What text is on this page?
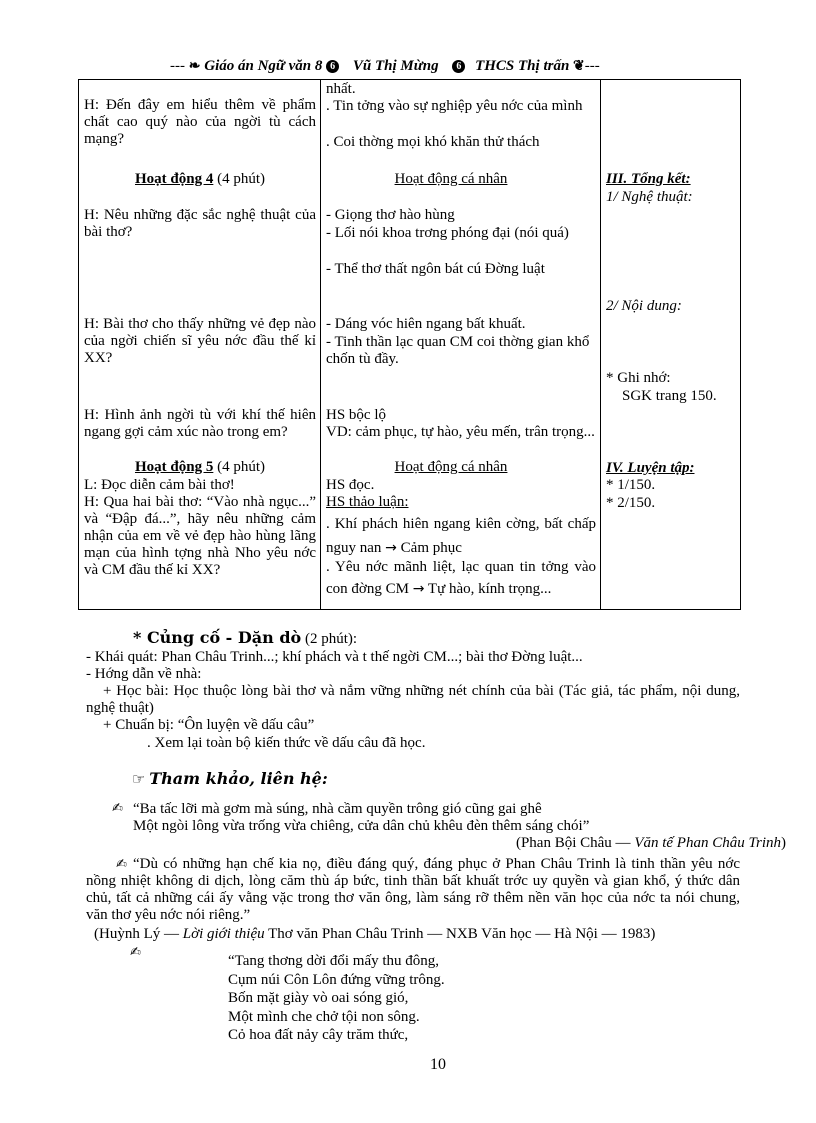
--- ❧ Giáo án Ngữ văn 8 6 Vũ Thị Mừng 6 THCS Thị trấn ❦---
H: Đến đây em hiểu thêm về phẩm chất cao quý nào của ngời tù cách mạng?
Hoạt động 4 (4 phút)
H: Nêu những đặc sắc nghệ thuật của bài thơ?
H: Bài thơ cho thấy những vẻ đẹp nào của ngời chiến sĩ yêu nớc đầu thế kỉ XX?
H: Hình ảnh ngời tù với khí thế hiên ngang gợi cảm xúc nào trong em?
Hoạt động 5 (4 phút)
L: Đọc diễn cảm bài thơ!
H: Qua hai bài thơ: “Vào nhà ngục...” và “Đập đá...”, hãy nêu những cảm nhận của em về vẻ đẹp hào hùng lãng mạn của hình tợng nhà Nho yêu nớc và CM đầu thế kỉ XX?
nhất.
. Tin tởng vào sự nghiệp yêu nớc của mình
. Coi thờng mọi khó khăn thử thách
Hoạt động cá nhân
- Giọng thơ hào hùng
- Lối nói khoa trơng phóng đại (nói quá)
- Thể thơ thất ngôn bát cú Đờng luật
- Dáng vóc hiên ngang bất khuất.
- Tinh thần lạc quan CM coi thờng gian khổ chốn tù đầy.
HS bộc lộ
VD: cảm phục, tự hào, yêu mến, trân trọng...
Hoạt động cá nhân
HS đọc.
HS thảo luận:
. Khí phách hiên ngang kiên cờng, bất chấp nguy nan → Cảm phục
. Yêu nớc mãnh liệt, lạc quan tin tởng vào con đờng CM → Tự hào, kính trọng...
III. Tổng kết:
1/ Nghệ thuật:
2/ Nội dung:
* Ghi nhớ:
SGK trang 150.
IV. Luyện tập:
* 1/150.
* 2/150.
* Củng cố - Dặn dò (2 phút):
- Khái quát: Phan Châu Trinh...; khí phách và t thế ngời CM...; bài thơ Đờng luật...
- Hớng dẫn về nhà:
+ Học bài: Học thuộc lòng bài thơ và nắm vững những nét chính của bài (Tác giả, tác phẩm, nội dung, nghệ thuật)
+ Chuẩn bị: “Ôn luyện về dấu câu”
. Xem lại toàn bộ kiến thức về dấu câu đã học.
☞ Tham khảo, liên hệ:
✍ “Ba tấc lỡi mà gơm mà súng, nhà cầm quyền trông gió cũng gai ghê
Một ngòi lông vừa trống vừa chiêng, cửa dân chủ khêu đèn thêm sáng chói”
(Phan Bội Châu — Văn tế Phan Châu Trinh)
✍ “Dù có những hạn chế kia nọ, điều đáng quý, đáng phục ở Phan Châu Trinh là tinh thần yêu nớc nồng nhiệt không di dịch, lòng căm thù áp bức, tinh thần bất khuất trớc uy quyền và gian khổ, ý thức dân chủ, tất cả những cái ấy vằng vặc trong thơ văn ông, làm sáng rỡ thêm nền văn học của nớc ta nói chung, văn thơ yêu nớc nói riêng.”
(Huỳnh Lý — Lời giới thiệu Thơ văn Phan Châu Trinh — NXB Văn học — Hà Nội — 1983)
✍
“Tang thơng dời đổi mấy thu đông,
Cụm núi Côn Lôn đứng vững trông.
Bốn mặt giày vò oai sóng gió,
Một mình che chở tội non sông.
Cỏ hoa đất nảy cây trăm thức,
10
